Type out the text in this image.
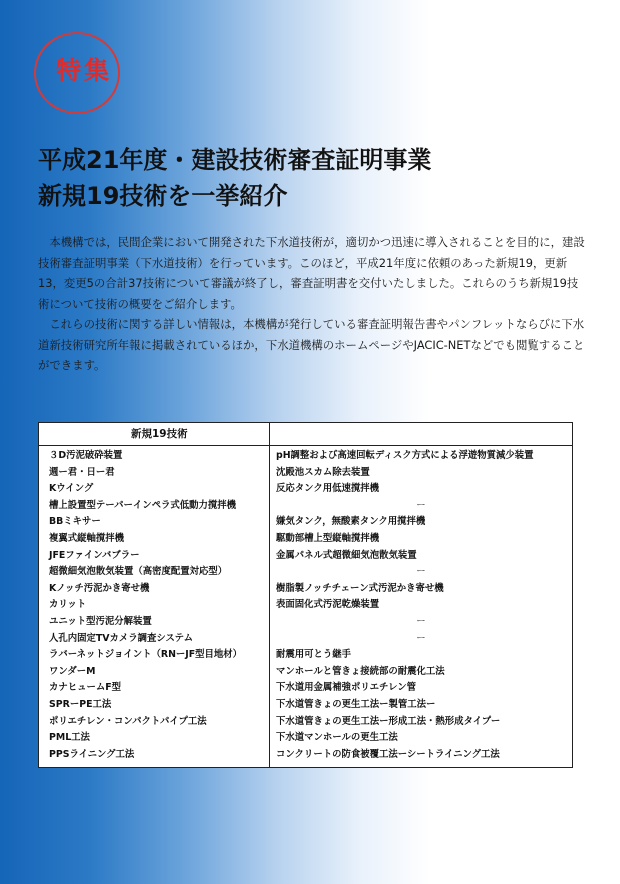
特集
平成21年度・建設技術審査証明事業
新規19技術を一挙紹介

本機構では，民間企業において開発された下水道技術が，適切かつ迅速に導入されることを目的に，建設技術審査証明事業（下水道技術）を行っています。このほど，平成21年度に依頼のあった新規19，更新13，変更5の合計37技術について審議が終了し，審査証明書を交付いたしました。これらのうち新規19技術について技術の概要をご紹介します。

これらの技術に関する詳しい情報は，本機構が発行している審査証明報告書やパンフレットならびに下水道新技術研究所年報に掲載されているほか，下水道機構のホームページやJACIC-NETなどでも閲覧することができます。

新規19技術
３D汚泥破砕装置
週ー君・日ー君
Kウイング
槽上設置型テーパーインペラ式低動力撹拌機
BBミキサー
複翼式縦軸撹拌機
JFEファインバブラー
超微細気泡散気装置（高密度配置対応型）
Kノッチ汚泥かき寄せ機
カリット
ユニット型汚泥分解装置
人孔内固定TVカメラ調査システム
ラバーネットジョイント（RNーJF型目地材）
ワンダーM
カナヒュームF型
SPRーPE工法
ポリエチレン・コンパクトパイプ工法
PML工法
PPSライニング工法
pH調整および高速回転ディスク方式による浮遊物質減少装置
沈殿池スカム除去装置
反応タンク用低速撹拌機
ー
嫌気タンク，無酸素タンク用撹拌機
駆動部槽上型縦軸撹拌機
金属パネル式超微細気泡散気装置
ー
樹脂製ノッチチェーン式汚泥かき寄せ機
表面固化式汚泥乾燥装置
ー
ー
耐震用可とう継手
マンホールと管きょ接続部の耐震化工法
下水道用金属補強ポリエチレン管
下水道管きょの更生工法ー製管工法ー
下水道管きょの更生工法ー形成工法・熱形成タイプー
下水道マンホールの更生工法
コンクリートの防食被覆工法ーシートライニング工法
